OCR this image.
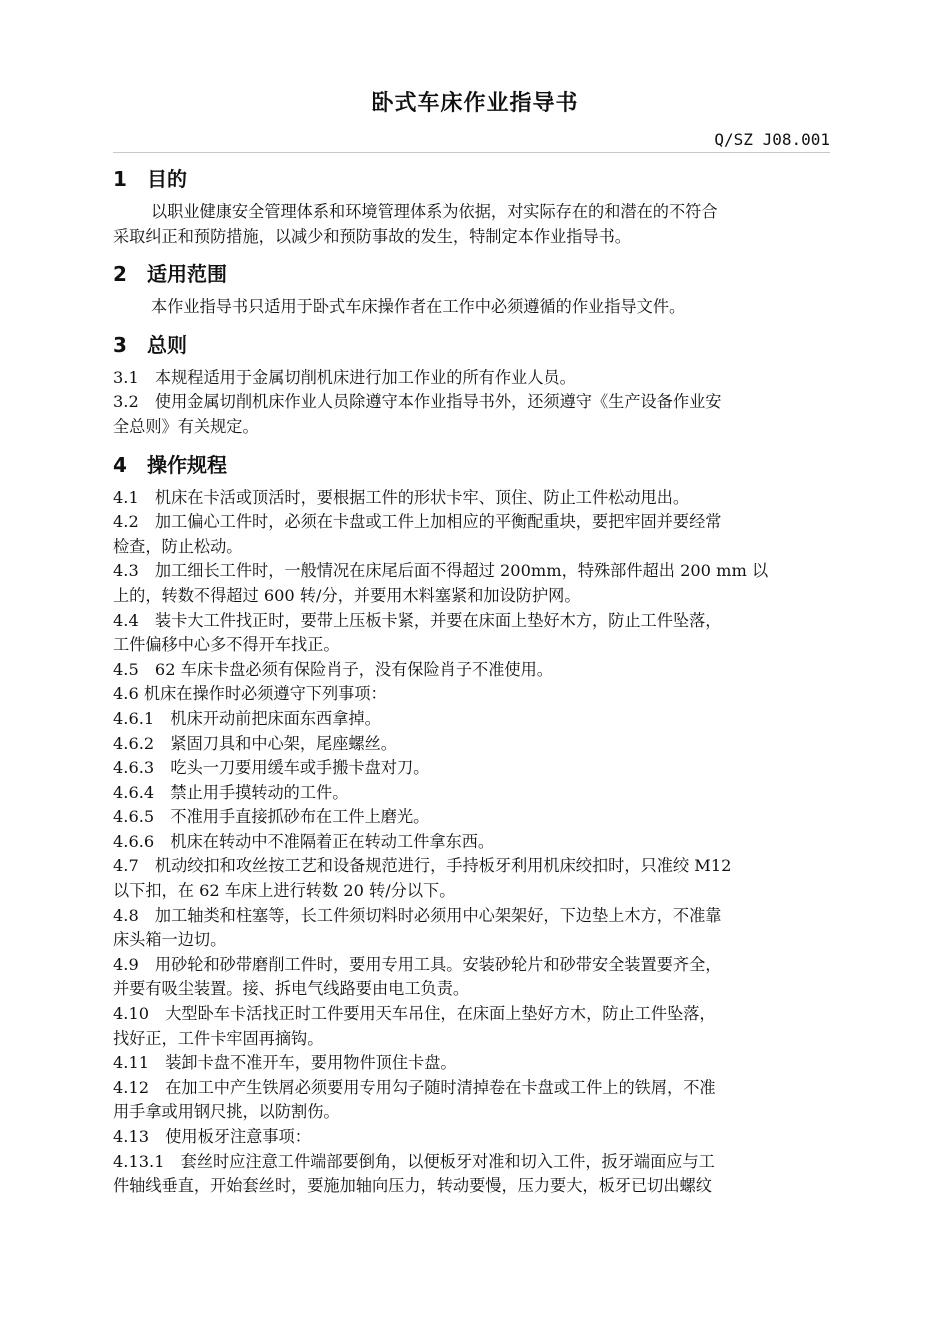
卧式车床作业指导书
Q/SZ J08.001
1 目的
以职业健康安全管理体系和环境管理体系为依据，对实际存在的和潜在的不符合
采取纠正和预防措施，以减少和预防事故的发生，特制定本作业指导书。
2 适用范围
本作业指导书只适用于卧式车床操作者在工作中必须遵循的作业指导文件。
3 总则
3.1　本规程适用于金属切削机床进行加工作业的所有作业人员。
3.2　使用金属切削机床作业人员除遵守本作业指导书外，还须遵守《生产设备作业安
全总则》有关规定。
4 操作规程
4.1　机床在卡活或顶活时，要根据工件的形状卡牢、顶住、防止工件松动甩出。
4.2　加工偏心工件时，必须在卡盘或工件上加相应的平衡配重块，要把牢固并要经常
检查，防止松动。
4.3　加工细长工件时，一般情况在床尾后面不得超过 200mm，特殊部件超出 200 mm 以
上的，转数不得超过 600 转/分，并要用木料塞紧和加设防护网。
4.4　装卡大工件找正时，要带上压板卡紧，并要在床面上垫好木方，防止工件坠落，
工件偏移中心多不得开车找正。
4.5　62 车床卡盘必须有保险肖子，没有保险肖子不准使用。
4.6 机床在操作时必须遵守下列事项：
4.6.1　机床开动前把床面东西拿掉。
4.6.2　紧固刀具和中心架，尾座螺丝。
4.6.3　吃头一刀要用缓车或手搬卡盘对刀。
4.6.4　禁止用手摸转动的工件。
4.6.5　不准用手直接抓砂布在工件上磨光。
4.6.6　机床在转动中不准隔着正在转动工件拿东西。
4.7　机动绞扣和攻丝按工艺和设备规范进行，手持板牙利用机床绞扣时，只准绞 M12
以下扣，在 62 车床上进行转数 20 转/分以下。
4.8　加工轴类和柱塞等，长工件须切料时必须用中心架架好，下边垫上木方，不准靠
床头箱一边切。
4.9　用砂轮和砂带磨削工件时，要用专用工具。安装砂轮片和砂带安全装置要齐全，
并要有吸尘装置。接、拆电气线路要由电工负责。
4.10　大型卧车卡活找正时工件要用天车吊住，在床面上垫好方木，防止工件坠落，
找好正，工件卡牢固再摘钩。
4.11　装卸卡盘不准开车，要用物件顶住卡盘。
4.12　在加工中产生铁屑必须要用专用勾子随时清掉卷在卡盘或工件上的铁屑，不准
用手拿或用钢尺挑，以防割伤。
4.13　使用板牙注意事项：
4.13.1　套丝时应注意工件端部要倒角，以便板牙对准和切入工件，扳牙端面应与工
件轴线垂直，开始套丝时，要施加轴向压力，转动要慢，压力要大，板牙已切出螺纹
